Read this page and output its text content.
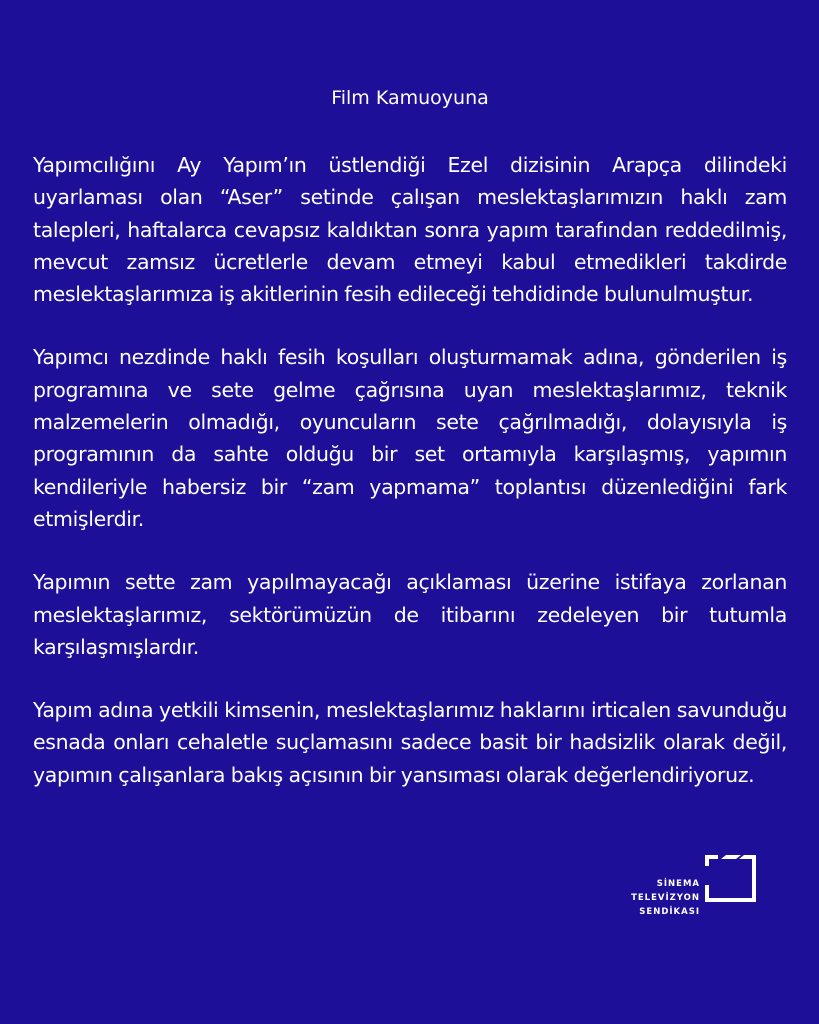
Film Kamuoyuna

Yapımcılığını Ay Yapım’ın üstlendiği Ezel dizisinin Arapça dilindeki uyarlaması olan “Aser” setinde çalışan meslektaşlarımızın haklı zam talepleri, haftalarca cevapsız kaldıktan sonra yapım tarafından reddedilmiş, mevcut zamsız ücretlerle devam etmeyi kabul etmedikleri takdirde meslektaşlarımıza iş akitlerinin fesih edileceği tehdidinde bulunulmuştur.

Yapımcı nezdinde haklı fesih koşulları oluşturmamak adına, gönderilen iş programına ve sete gelme çağrısına uyan meslektaşlarımız, teknik malzemelerin olmadığı, oyuncuların sete çağrılmadığı, dolayısıyla iş programının da sahte olduğu bir set ortamıyla karşılaşmış, yapımın kendileriyle habersiz bir “zam yapmama” toplantısı düzenlediğini fark etmişlerdir.

Yapımın sette zam yapılmayacağı açıklaması üzerine istifaya zorlanan meslektaşlarımız, sektörümüzün de itibarını zedeleyen bir tutumla karşılaşmışlardır.

Yapım adına yetkili kimsenin, meslektaşlarımız haklarını irticalen savunduğu esnada onları cehaletle suçlamasını sadece basit bir hadsizlik olarak değil, yapımın çalışanlara bakış açısının bir yansıması olarak değerlendiriyoruz.

SİNEMA
TELEVİZYON
SENDİKASI
